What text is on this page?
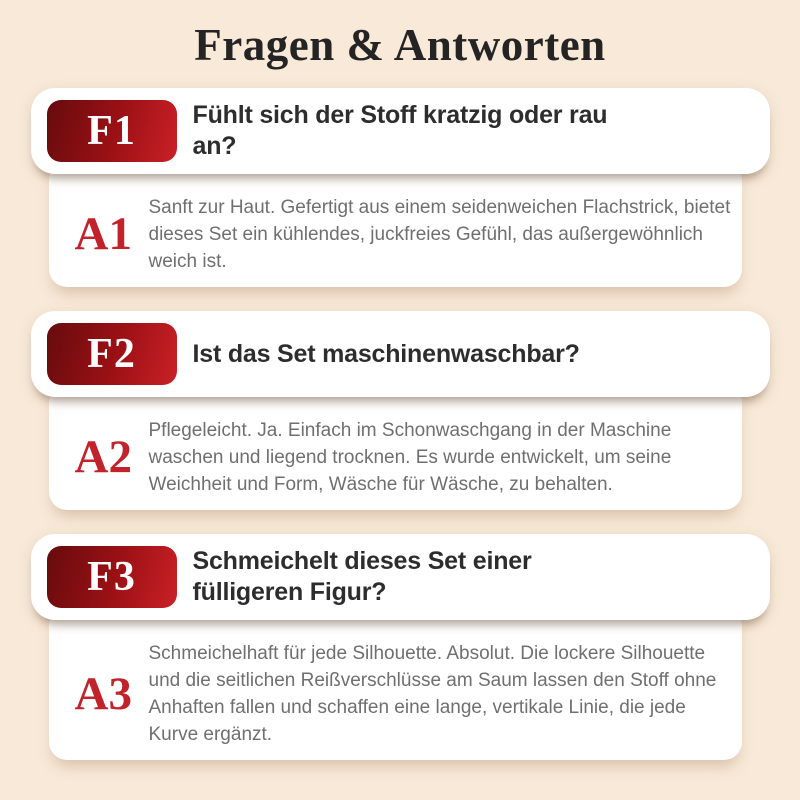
Fragen & Antworten
F1	Fühlt sich der Stoff kratzig oder rau an?
A1
Sanft zur Haut. Gefertigt aus einem seidenweichen Flachstrick, bietet dieses Set ein kühlendes, juckfreies Gefühl, das außergewöhnlich weich ist.
F2	Ist das Set maschinenwaschbar?
A2
Pflegeleicht. Ja. Einfach im Schonwaschgang in der Maschine waschen und liegend trocknen. Es wurde entwickelt, um seine Weichheit und Form, Wäsche für Wäsche, zu behalten.
F3	Schmeichelt dieses Set einer fülligeren Figur?
A3
Schmeichelhaft für jede Silhouette. Absolut. Die lockere Silhouette und die seitlichen Reißverschlüsse am Saum lassen den Stoff ohne Anhaften fallen und schaffen eine lange, vertikale Linie, die jede Kurve ergänzt.
